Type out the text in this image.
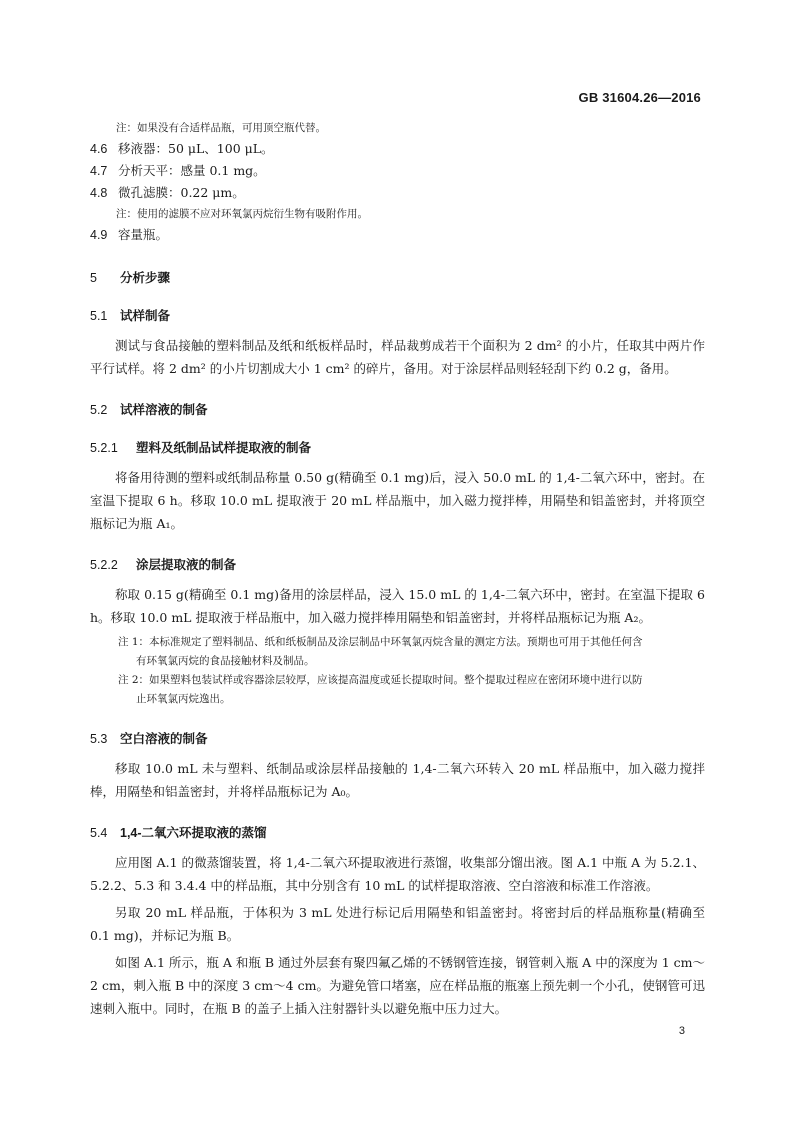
GB 31604.26—2016
注：如果没有合适样品瓶，可用顶空瓶代替。
4.6 移液器：50 μL、100 μL。
4.7 分析天平：感量 0.1 mg。
4.8 微孔滤膜：0.22 μm。
注：使用的滤膜不应对环氧氯丙烷衍生物有吸附作用。
4.9 容量瓶。
5 分析步骤
5.1 试样制备
测试与食品接触的塑料制品及纸和纸板样品时，样品裁剪成若干个面积为 2 dm² 的小片，任取其中两片作平行试样。将 2 dm² 的小片切割成大小 1 cm² 的碎片，备用。对于涂层样品则轻轻刮下约 0.2 g，备用。
5.2 试样溶液的制备
5.2.1 塑料及纸制品试样提取液的制备
将备用待测的塑料或纸制品称量 0.50 g(精确至 0.1 mg)后，浸入 50.0 mL 的 1,4-二氧六环中，密封。在室温下提取 6 h。移取 10.0 mL 提取液于 20 mL 样品瓶中，加入磁力搅拌棒，用隔垫和铝盖密封，并将顶空瓶标记为瓶 A₁。
5.2.2 涂层提取液的制备
称取 0.15 g(精确至 0.1 mg)备用的涂层样品，浸入 15.0 mL 的 1,4-二氧六环中，密封。在室温下提取 6 h。移取 10.0 mL 提取液于样品瓶中，加入磁力搅拌棒用隔垫和铝盖密封，并将样品瓶标记为瓶 A₂。
注 1：本标准规定了塑料制品、纸和纸板制品及涂层制品中环氧氯丙烷含量的测定方法。预期也可用于其他任何含
有环氧氯丙烷的食品接触材料及制品。
注 2：如果塑料包装试样或容器涂层较厚，应该提高温度或延长提取时间。整个提取过程应在密闭环境中进行以防
止环氧氯丙烷逸出。
5.3 空白溶液的制备
移取 10.0 mL 未与塑料、纸制品或涂层样品接触的 1,4-二氧六环转入 20 mL 样品瓶中，加入磁力搅拌棒，用隔垫和铝盖密封，并将样品瓶标记为 A₀。
5.4 1,4-二氧六环提取液的蒸馏
应用图 A.1 的微蒸馏装置，将 1,4-二氧六环提取液进行蒸馏，收集部分馏出液。图 A.1 中瓶 A 为 5.2.1、5.2.2、5.3 和 3.4.4 中的样品瓶，其中分别含有 10 mL 的试样提取溶液、空白溶液和标准工作溶液。
另取 20 mL 样品瓶，于体积为 3 mL 处进行标记后用隔垫和铝盖密封。将密封后的样品瓶称量(精确至 0.1 mg)，并标记为瓶 B。
如图 A.1 所示，瓶 A 和瓶 B 通过外层套有聚四氟乙烯的不锈钢管连接，钢管刺入瓶 A 中的深度为 1 cm～2 cm，刺入瓶 B 中的深度 3 cm～4 cm。为避免管口堵塞，应在样品瓶的瓶塞上预先刺一个小孔，使钢管可迅速刺入瓶中。同时，在瓶 B 的盖子上插入注射器针头以避免瓶中压力过大。
3
